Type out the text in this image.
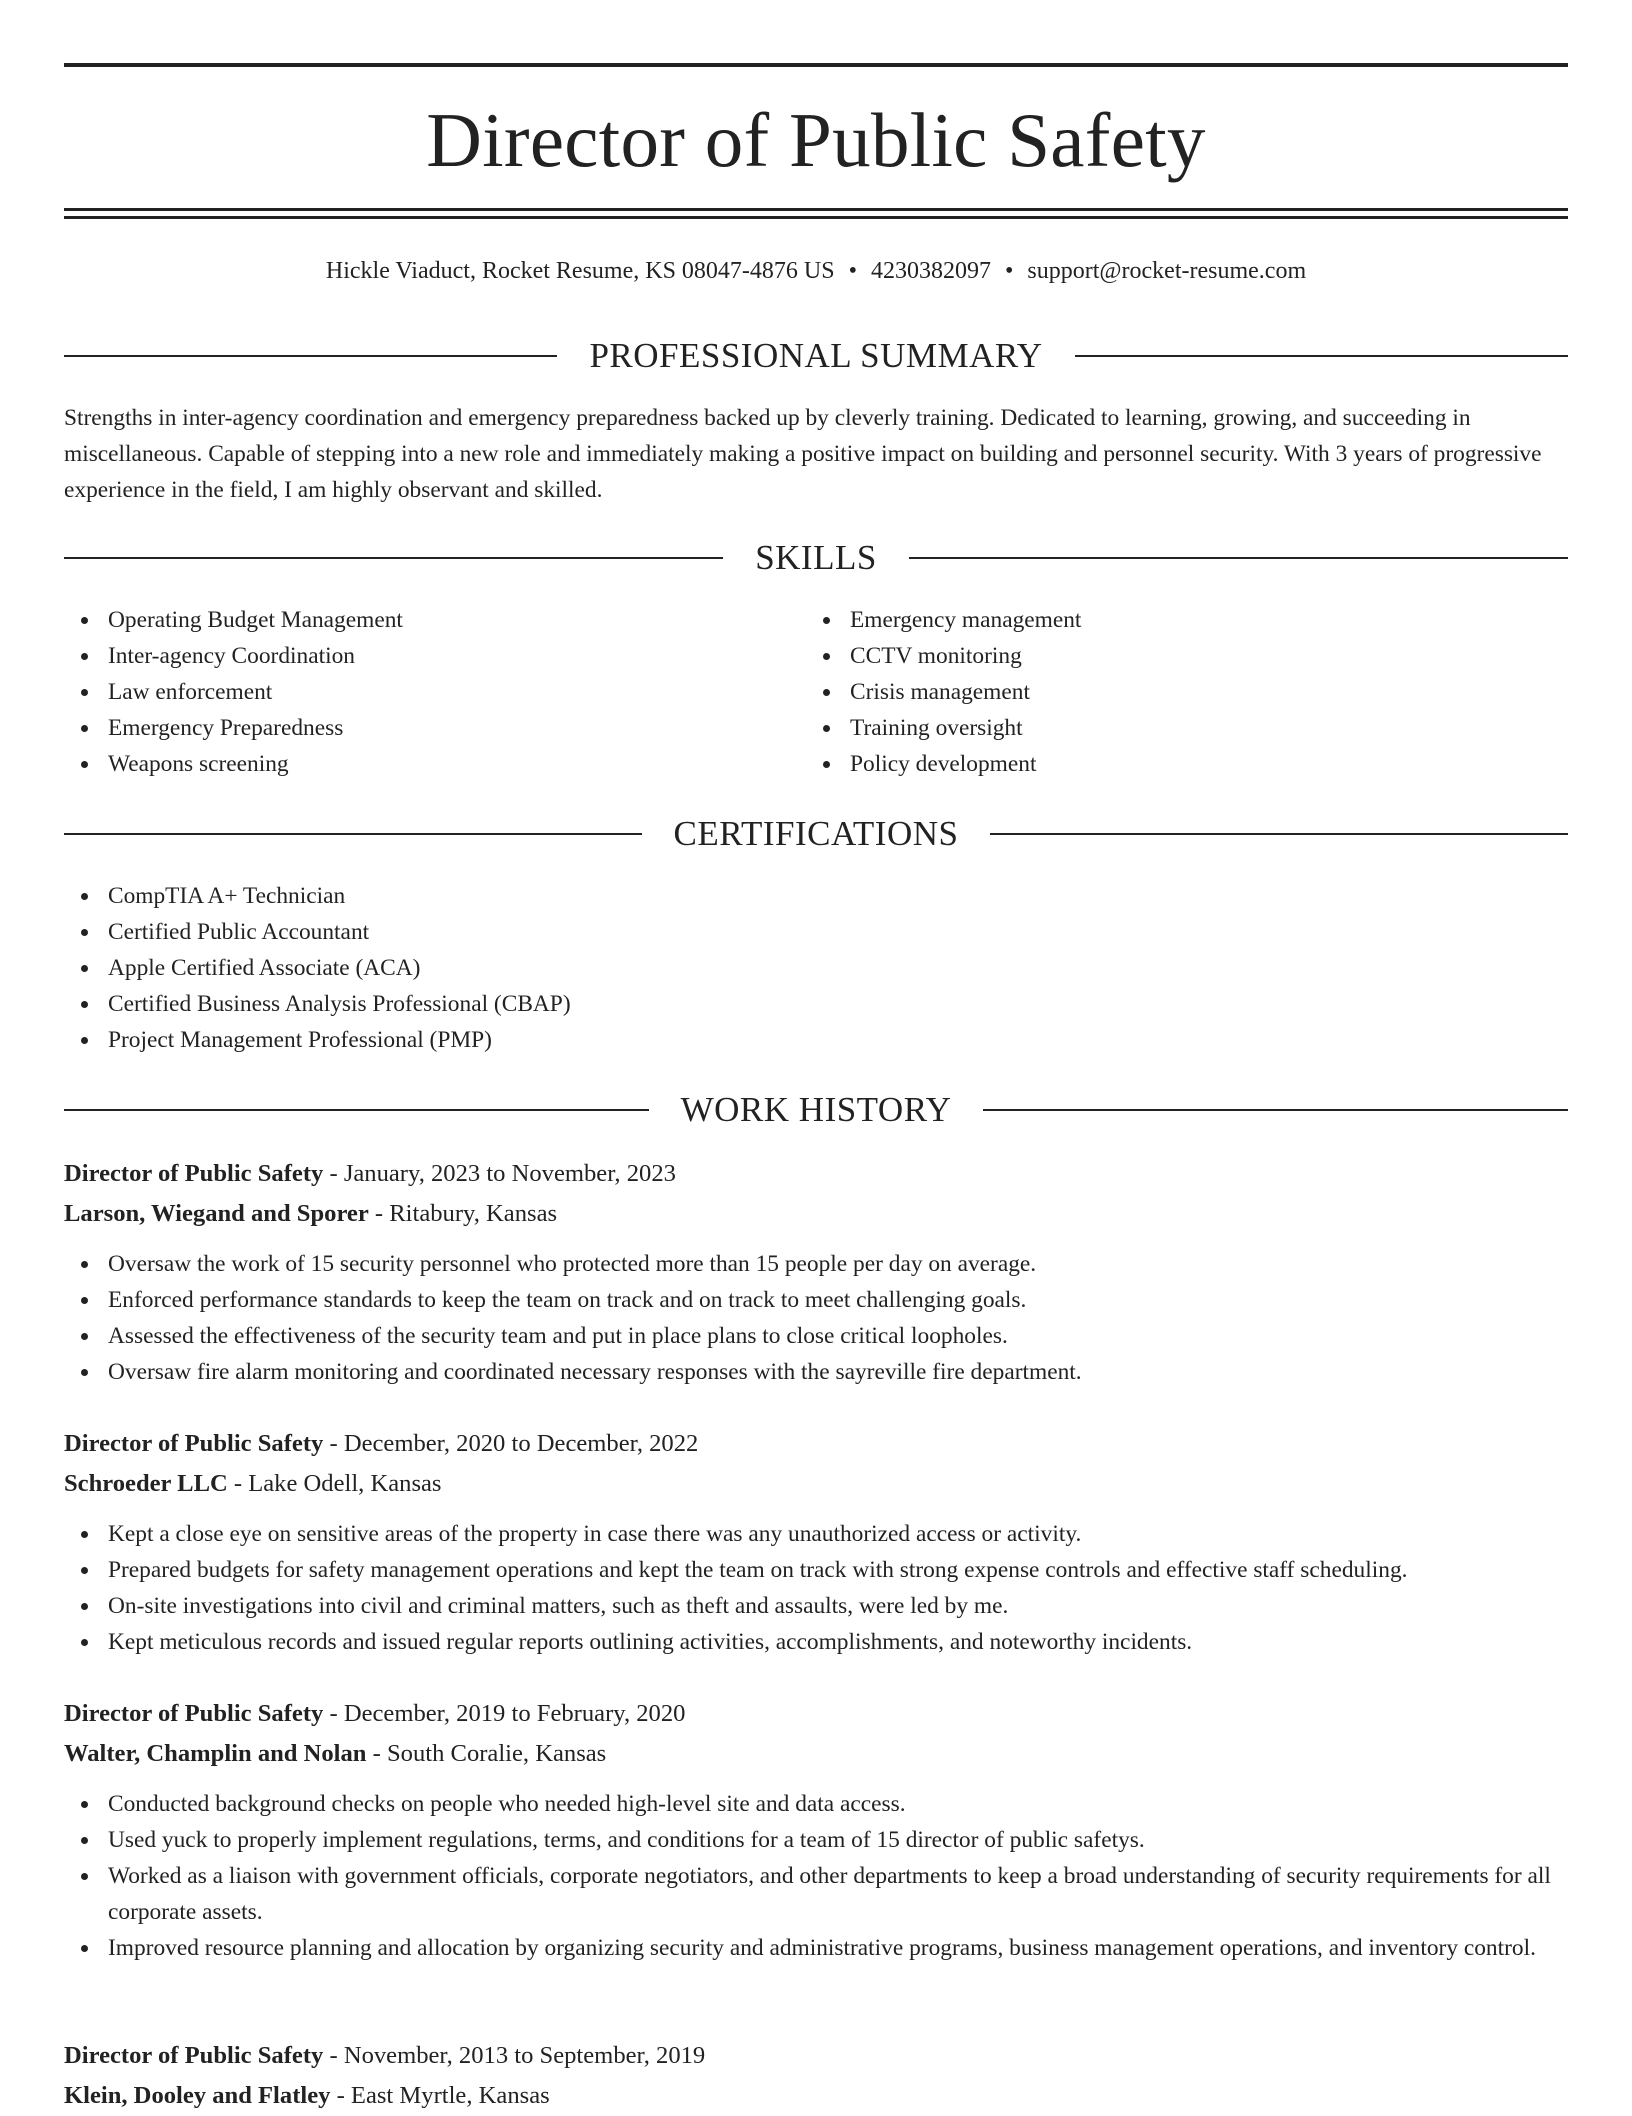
Director of Public Safety
Hickle Viaduct, Rocket Resume, KS 08047-4876 US • 4230382097 • support@rocket-resume.com
PROFESSIONAL SUMMARY

Strengths in inter-agency coordination and emergency preparedness backed up by cleverly training. Dedicated to learning, growing, and succeeding in miscellaneous. Capable of stepping into a new role and immediately making a positive impact on building and personnel security. With 3 years of progressive experience in the field, I am highly observant and skilled.

SKILLS
Operating Budget Management
Inter-agency Coordination
Law enforcement
Emergency Preparedness
Weapons screening
Emergency management
CCTV monitoring
Crisis management
Training oversight
Policy development
CERTIFICATIONS
CompTIA A+ Technician
Certified Public Accountant
Apple Certified Associate (ACA)
Certified Business Analysis Professional (CBAP)
Project Management Professional (PMP)
WORK HISTORY
Director of Public Safety - January, 2023 to November, 2023
Larson, Wiegand and Sporer - Ritabury, Kansas
Oversaw the work of 15 security personnel who protected more than 15 people per day on average.
Enforced performance standards to keep the team on track and on track to meet challenging goals.
Assessed the effectiveness of the security team and put in place plans to close critical loopholes.
Oversaw fire alarm monitoring and coordinated necessary responses with the sayreville fire department.
Director of Public Safety - December, 2020 to December, 2022
Schroeder LLC - Lake Odell, Kansas
Kept a close eye on sensitive areas of the property in case there was any unauthorized access or activity.
Prepared budgets for safety management operations and kept the team on track with strong expense controls and effective staff scheduling.
On-site investigations into civil and criminal matters, such as theft and assaults, were led by me.
Kept meticulous records and issued regular reports outlining activities, accomplishments, and noteworthy incidents.
Director of Public Safety - December, 2019 to February, 2020
Walter, Champlin and Nolan - South Coralie, Kansas
Conducted background checks on people who needed high-level site and data access.
Used yuck to properly implement regulations, terms, and conditions for a team of 15 director of public safetys.
Worked as a liaison with government officials, corporate negotiators, and other departments to keep a broad understanding of security requirements for all corporate assets.
Improved resource planning and allocation by organizing security and administrative programs, business management operations, and inventory control.
Director of Public Safety - November, 2013 to September, 2019
Klein, Dooley and Flatley - East Myrtle, Kansas
